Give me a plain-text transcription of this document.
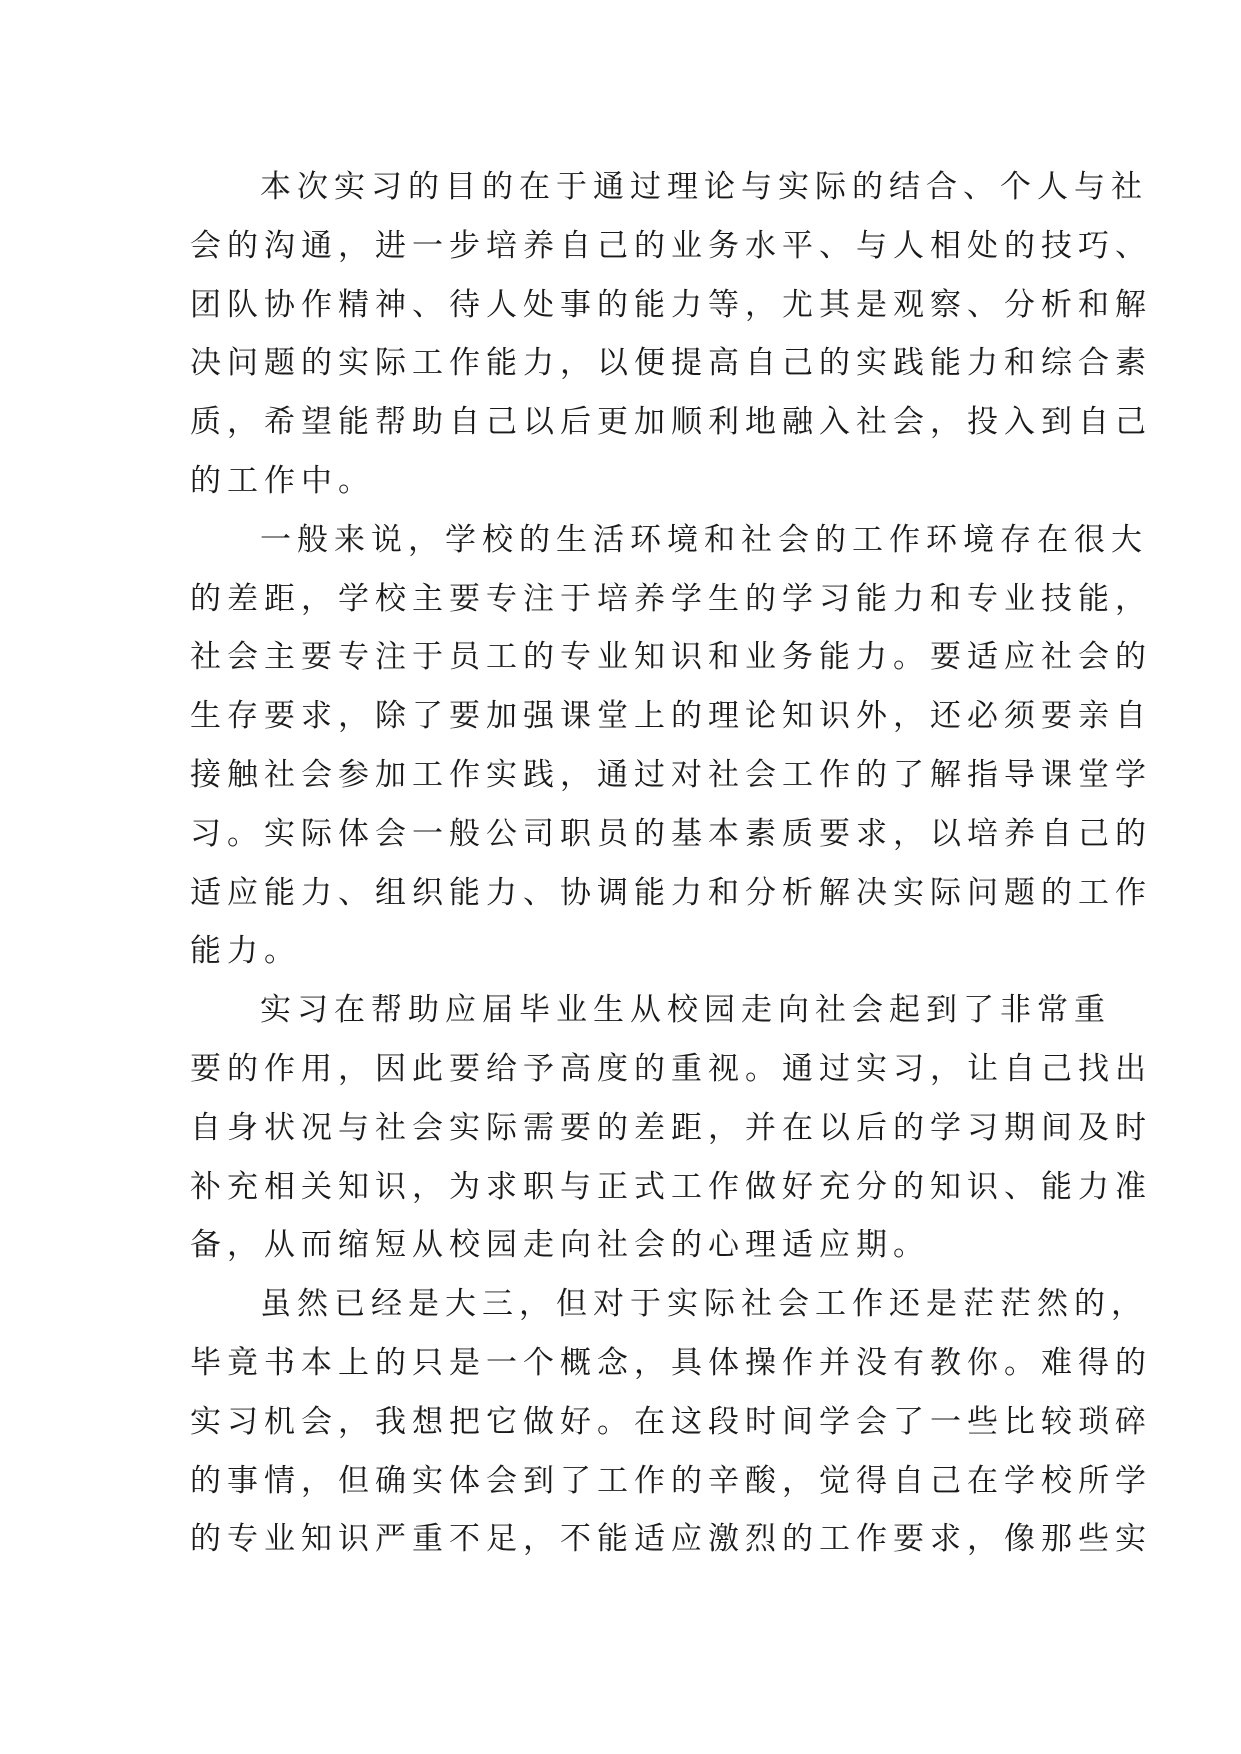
本次实习的目的在于通过理论与实际的结合、个人与社
会的沟通，进一步培养自己的业务水平、与人相处的技巧、
团队协作精神、待人处事的能力等，尤其是观察、分析和解
决问题的实际工作能力，以便提高自己的实践能力和综合素
质，希望能帮助自己以后更加顺利地融入社会，投入到自己
的工作中。
一般来说，学校的生活环境和社会的工作环境存在很大
的差距，学校主要专注于培养学生的学习能力和专业技能，
社会主要专注于员工的专业知识和业务能力。要适应社会的
生存要求，除了要加强课堂上的理论知识外，还必须要亲自
接触社会参加工作实践，通过对社会工作的了解指导课堂学
习。实际体会一般公司职员的基本素质要求，以培养自己的
适应能力、组织能力、协调能力和分析解决实际问题的工作
能力。
实习在帮助应届毕业生从校园走向社会起到了非常重
要的作用，因此要给予高度的重视。通过实习，让自己找出
自身状况与社会实际需要的差距，并在以后的学习期间及时
补充相关知识，为求职与正式工作做好充分的知识、能力准
备，从而缩短从校园走向社会的心理适应期。
虽然已经是大三，但对于实际社会工作还是茫茫然的，
毕竟书本上的只是一个概念，具体操作并没有教你。难得的
实习机会，我想把它做好。在这段时间学会了一些比较琐碎
的事情，但确实体会到了工作的辛酸，觉得自己在学校所学
的专业知识严重不足，不能适应激烈的工作要求，像那些实
